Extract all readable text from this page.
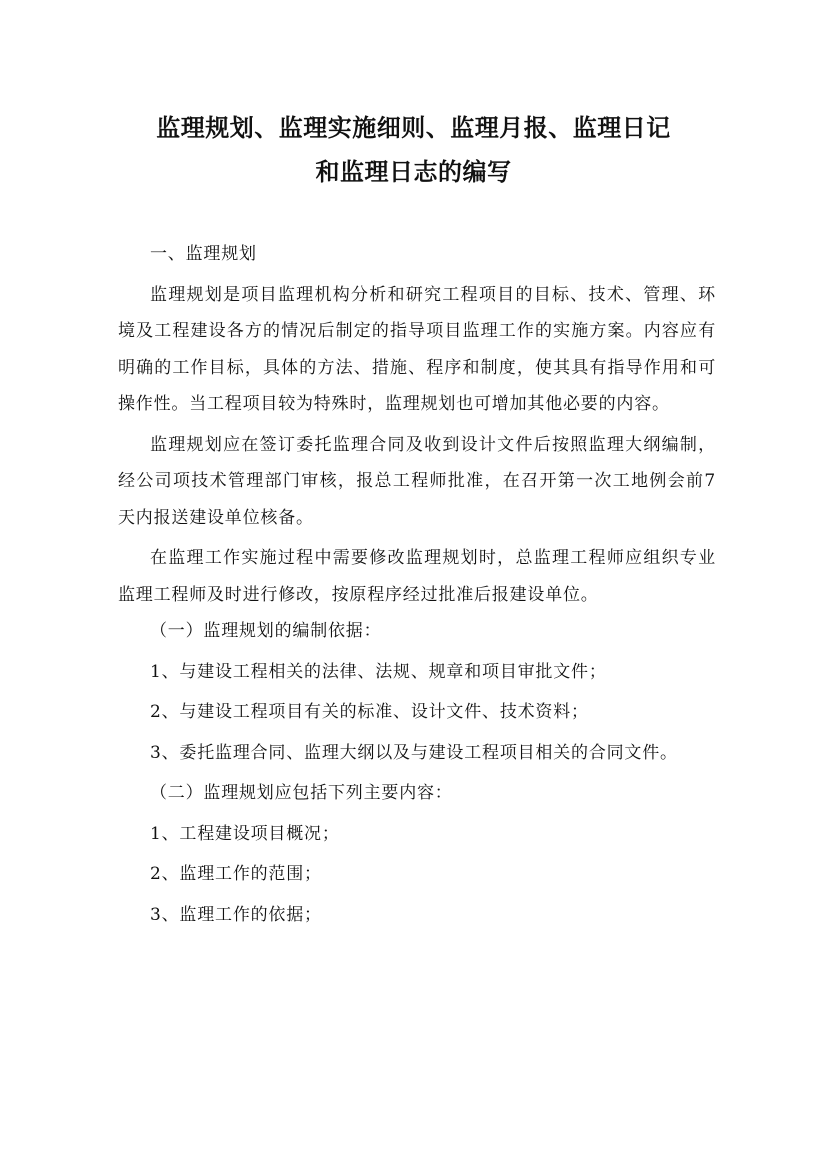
监理规划、监理实施细则、监理月报、监理日记
和监理日志的编写

一、监理规划

监理规划是项目监理机构分析和研究工程项目的目标、技术、管理、环境及工程建设各方的情况后制定的指导项目监理工作的实施方案。内容应有明确的工作目标，具体的方法、措施、程序和制度，使其具有指导作用和可操作性。当工程项目较为特殊时，监理规划也可增加其他必要的内容。

监理规划应在签订委托监理合同及收到设计文件后按照监理大纲编制，经公司项技术管理部门审核，报总工程师批准，在召开第一次工地例会前7天内报送建设单位核备。

在监理工作实施过程中需要修改监理规划时，总监理工程师应组织专业监理工程师及时进行修改，按原程序经过批准后报建设单位。

（一）监理规划的编制依据：

1、与建设工程相关的法律、法规、规章和项目审批文件；

2、与建设工程项目有关的标准、设计文件、技术资料；

3、委托监理合同、监理大纲以及与建设工程项目相关的合同文件。

（二）监理规划应包括下列主要内容：

1、工程建设项目概况；

2、监理工作的范围；

3、监理工作的依据；
